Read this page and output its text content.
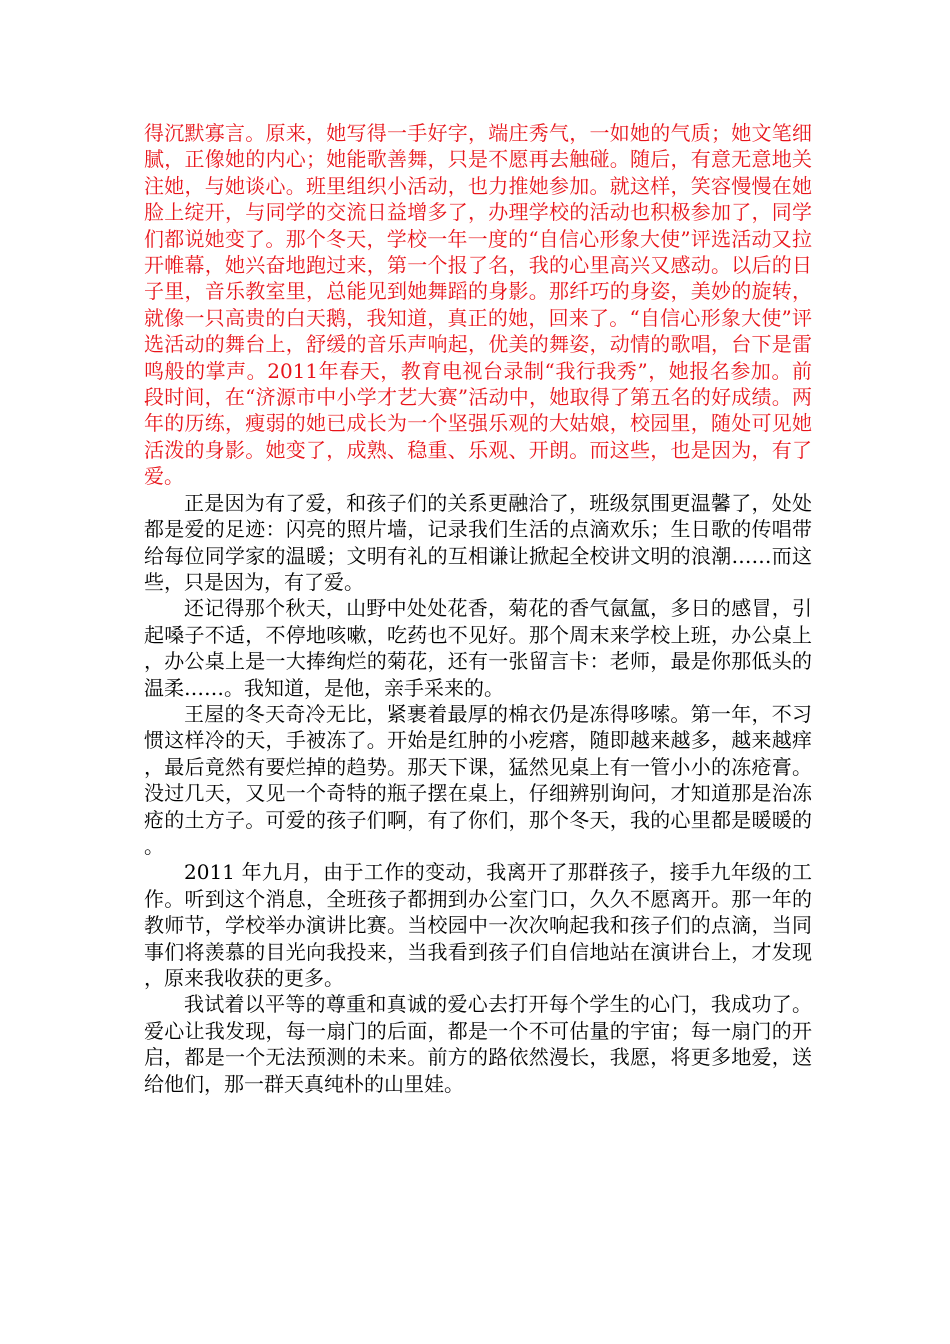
得沉默寡言。原来，她写得一手好字，端庄秀气，一如她的气质；她文笔细腻，正像她的内心；她能歌善舞，只是不愿再去触碰。随后，有意无意地关注她，与她谈心。班里组织小活动，也力推她参加。就这样，笑容慢慢在她脸上绽开，与同学的交流日益增多了，办理学校的活动也积极参加了，同学们都说她变了。那个冬天，学校一年一度的“自信心形象大使”评选活动又拉开帷幕，她兴奋地跑过来，第一个报了名，我的心里高兴又感动。以后的日子里，音乐教室里，总能见到她舞蹈的身影。那纤巧的身姿，美妙的旋转，就像一只高贵的白天鹅，我知道，真正的她，回来了。“自信心形象大使”评选活动的舞台上，舒缓的音乐声响起，优美的舞姿，动情的歌唱，台下是雷鸣般的掌声。2011年春天，教育电视台录制“我行我秀”，她报名参加。前段时间，在“济源市中小学才艺大赛”活动中，她取得了第五名的好成绩。两年的历练，瘦弱的她已成长为一个坚强乐观的大姑娘，校园里，随处可见她活泼的身影。她变了，成熟、稳重、乐观、开朗。而这些，也是因为，有了爱。

正是因为有了爱，和孩子们的关系更融洽了，班级氛围更温馨了，处处都是爱的足迹：闪亮的照片墙，记录我们生活的点滴欢乐；生日歌的传唱带给每位同学家的温暖；文明有礼的互相谦让掀起全校讲文明的浪潮……而这些，只是因为，有了爱。

还记得那个秋天，山野中处处花香，菊花的香气氤氲，多日的感冒，引起嗓子不适，不停地咳嗽，吃药也不见好。那个周末来学校上班，办公桌上，办公桌上是一大捧绚烂的菊花，还有一张留言卡：老师，最是你那低头的温柔……。我知道，是他，亲手采来的。

王屋的冬天奇冷无比，紧裹着最厚的棉衣仍是冻得哆嗦。第一年，不习惯这样冷的天，手被冻了。开始是红肿的小疙瘩，随即越来越多，越来越痒，最后竟然有要烂掉的趋势。那天下课，猛然见桌上有一管小小的冻疮膏。没过几天，又见一个奇特的瓶子摆在桌上，仔细辨别询问，才知道那是治冻疮的土方子。可爱的孩子们啊，有了你们，那个冬天，我的心里都是暖暖的。

2011 年九月，由于工作的变动，我离开了那群孩子，接手九年级的工作。听到这个消息，全班孩子都拥到办公室门口，久久不愿离开。那一年的教师节，学校举办演讲比赛。当校园中一次次响起我和孩子们的点滴，当同事们将羡慕的目光向我投来，当我看到孩子们自信地站在演讲台上，才发现，原来我收获的更多。

我试着以平等的尊重和真诚的爱心去打开每个学生的心门，我成功了。爱心让我发现，每一扇门的后面，都是一个不可估量的宇宙；每一扇门的开启，都是一个无法预测的未来。前方的路依然漫长，我愿，将更多地爱，送给他们，那一群天真纯朴的山里娃。
